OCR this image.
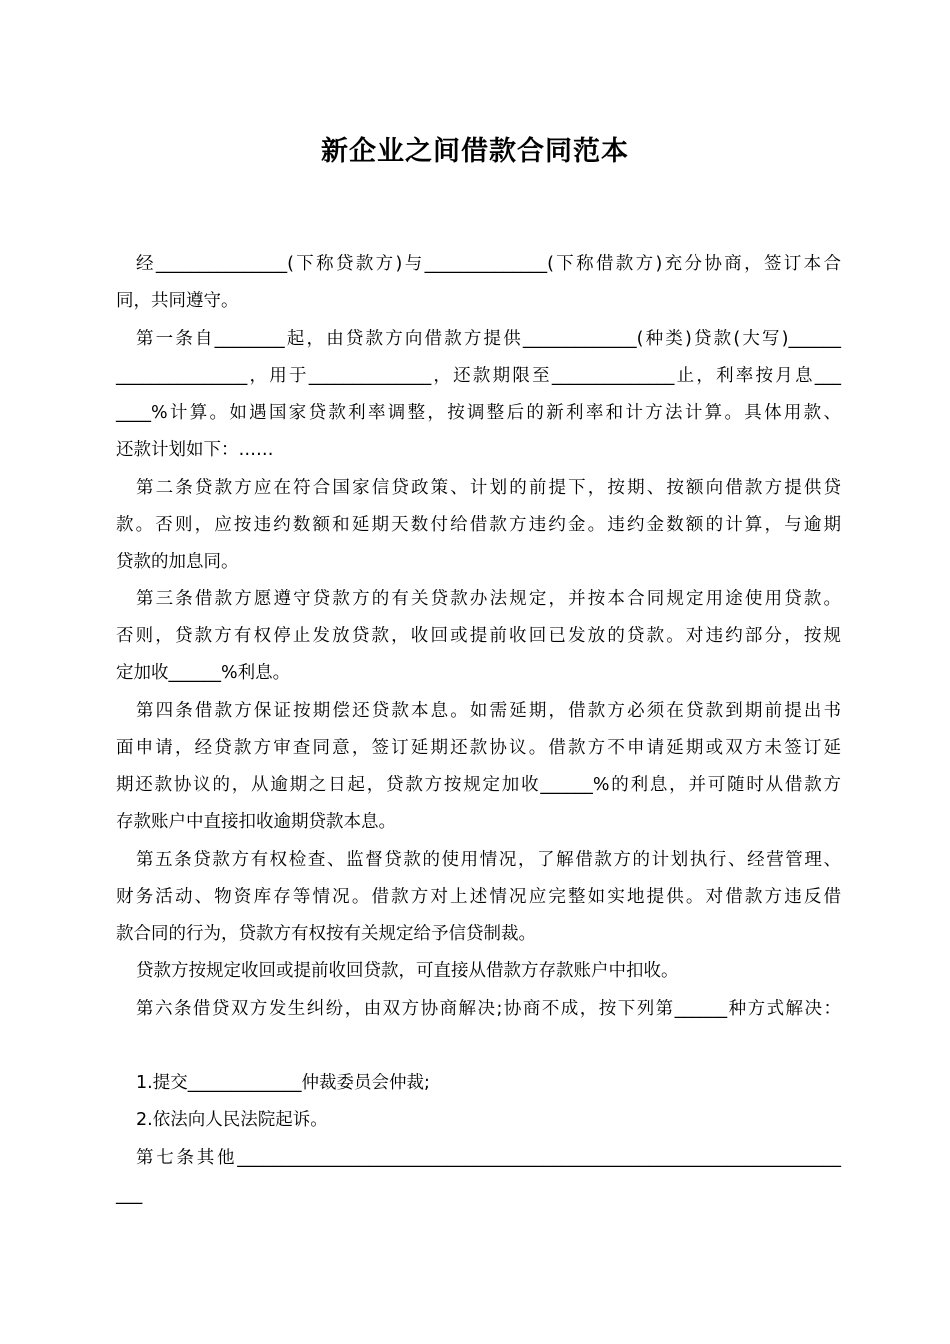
新企业之间借款合同范本
经_______________(下称贷款方)与______________(下称借款方)充分协商，签订本合
同，共同遵守。
第一条自________起，由贷款方向借款方提供_____________(种类)贷款(大写)______
_______________，用于______________，还款期限至______________止，利率按月息___
____%计算。如遇国家贷款利率调整，按调整后的新利率和计方法计算。具体用款、
还款计划如下：……
第二条贷款方应在符合国家信贷政策、计划的前提下，按期、按额向借款方提供贷
款。否则，应按违约数额和延期天数付给借款方违约金。违约金数额的计算，与逾期
贷款的加息同。
第三条借款方愿遵守贷款方的有关贷款办法规定，并按本合同规定用途使用贷款。
否则，贷款方有权停止发放贷款，收回或提前收回已发放的贷款。对违约部分，按规
定加收______%利息。
第四条借款方保证按期偿还贷款本息。如需延期，借款方必须在贷款到期前提出书
面申请，经贷款方审查同意，签订延期还款协议。借款方不申请延期或双方未签订延
期还款协议的，从逾期之日起，贷款方按规定加收______%的利息，并可随时从借款方
存款账户中直接扣收逾期贷款本息。
第五条贷款方有权检查、监督贷款的使用情况，了解借款方的计划执行、经营管理、
财务活动、物资库存等情况。借款方对上述情况应完整如实地提供。对借款方违反借
款合同的行为，贷款方有权按有关规定给予信贷制裁。
贷款方按规定收回或提前收回贷款，可直接从借款方存款账户中扣收。
第六条借贷双方发生纠纷，由双方协商解决;协商不成，按下列第______种方式解决：
1.提交_____________仲裁委员会仲裁;
2.依法向人民法院起诉。
第七条其他_____________________________________________________________________
___
